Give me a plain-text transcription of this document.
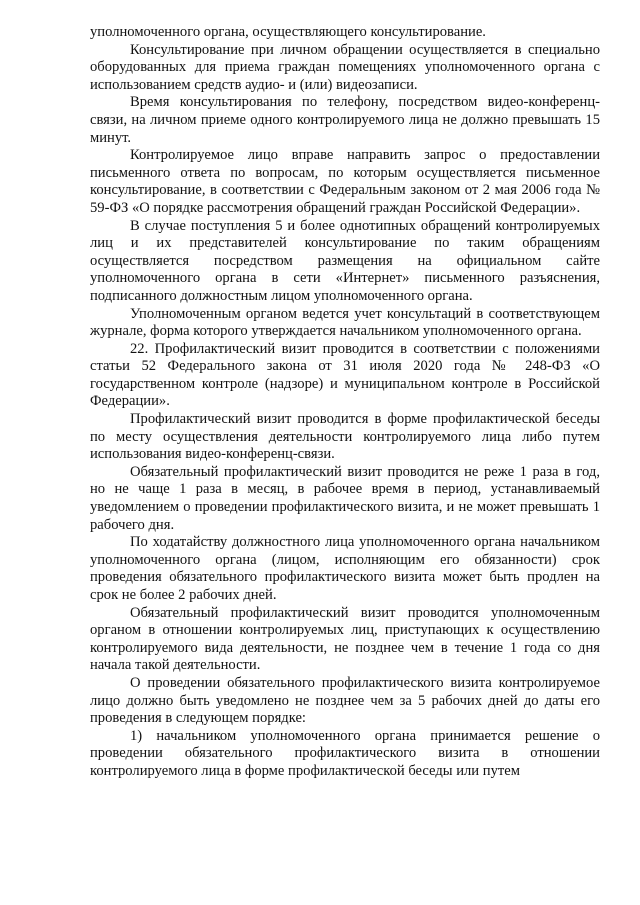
уполномоченного органа, осуществляющего консультирование.

Консультирование при личном обращении осуществляется в специально оборудованных для приема граждан помещениях уполномоченного органа с использованием средств аудио- и (или) видеозаписи.

Время консультирования по телефону, посредством видео-конференц-связи, на личном приеме одного контролируемого лица не должно превышать 15 минут.

Контролируемое лицо вправе направить запрос о предоставлении письменного ответа по вопросам, по которым осуществляется письменное консультирование, в соответствии с Федеральным законом от 2 мая 2006 года № 59-ФЗ «О порядке рассмотрения обращений граждан Российской Федерации».

В случае поступления 5 и более однотипных обращений контролируемых лиц и их представителей консультирование по таким обращениям осуществляется посредством размещения на официальном сайте уполномоченного органа в сети «Интернет» письменного разъяснения, подписанного должностным лицом уполномоченного органа.

Уполномоченным органом ведется учет консультаций в соответствующем журнале, форма которого утверждается начальником уполномоченного органа.

22. Профилактический визит проводится в соответствии с положениями статьи 52 Федерального закона от 31 июля 2020 года № 248-ФЗ «О государственном контроле (надзоре) и муниципальном контроле в Российской Федерации».

Профилактический визит проводится в форме профилактической беседы по месту осуществления деятельности контролируемого лица либо путем использования видео-конференц-связи.

Обязательный профилактический визит проводится не реже 1 раза в год, но не чаще 1 раза в месяц, в рабочее время в период, устанавливаемый уведомлением о проведении профилактического визита, и не может превышать 1 рабочего дня.

По ходатайству должностного лица уполномоченного органа начальником уполномоченного органа (лицом, исполняющим его обязанности) срок проведения обязательного профилактического визита может быть продлен на срок не более 2 рабочих дней.

Обязательный профилактический визит проводится уполномоченным органом в отношении контролируемых лиц, приступающих к осуществлению контролируемого вида деятельности, не позднее чем в течение 1 года со дня начала такой деятельности.

О проведении обязательного профилактического визита контролируемое лицо должно быть уведомлено не позднее чем за 5 рабочих дней до даты его проведения в следующем порядке:

1) начальником уполномоченного органа принимается решение о проведении обязательного профилактического визита в отношении контролируемого лица в форме профилактической беседы или путем
